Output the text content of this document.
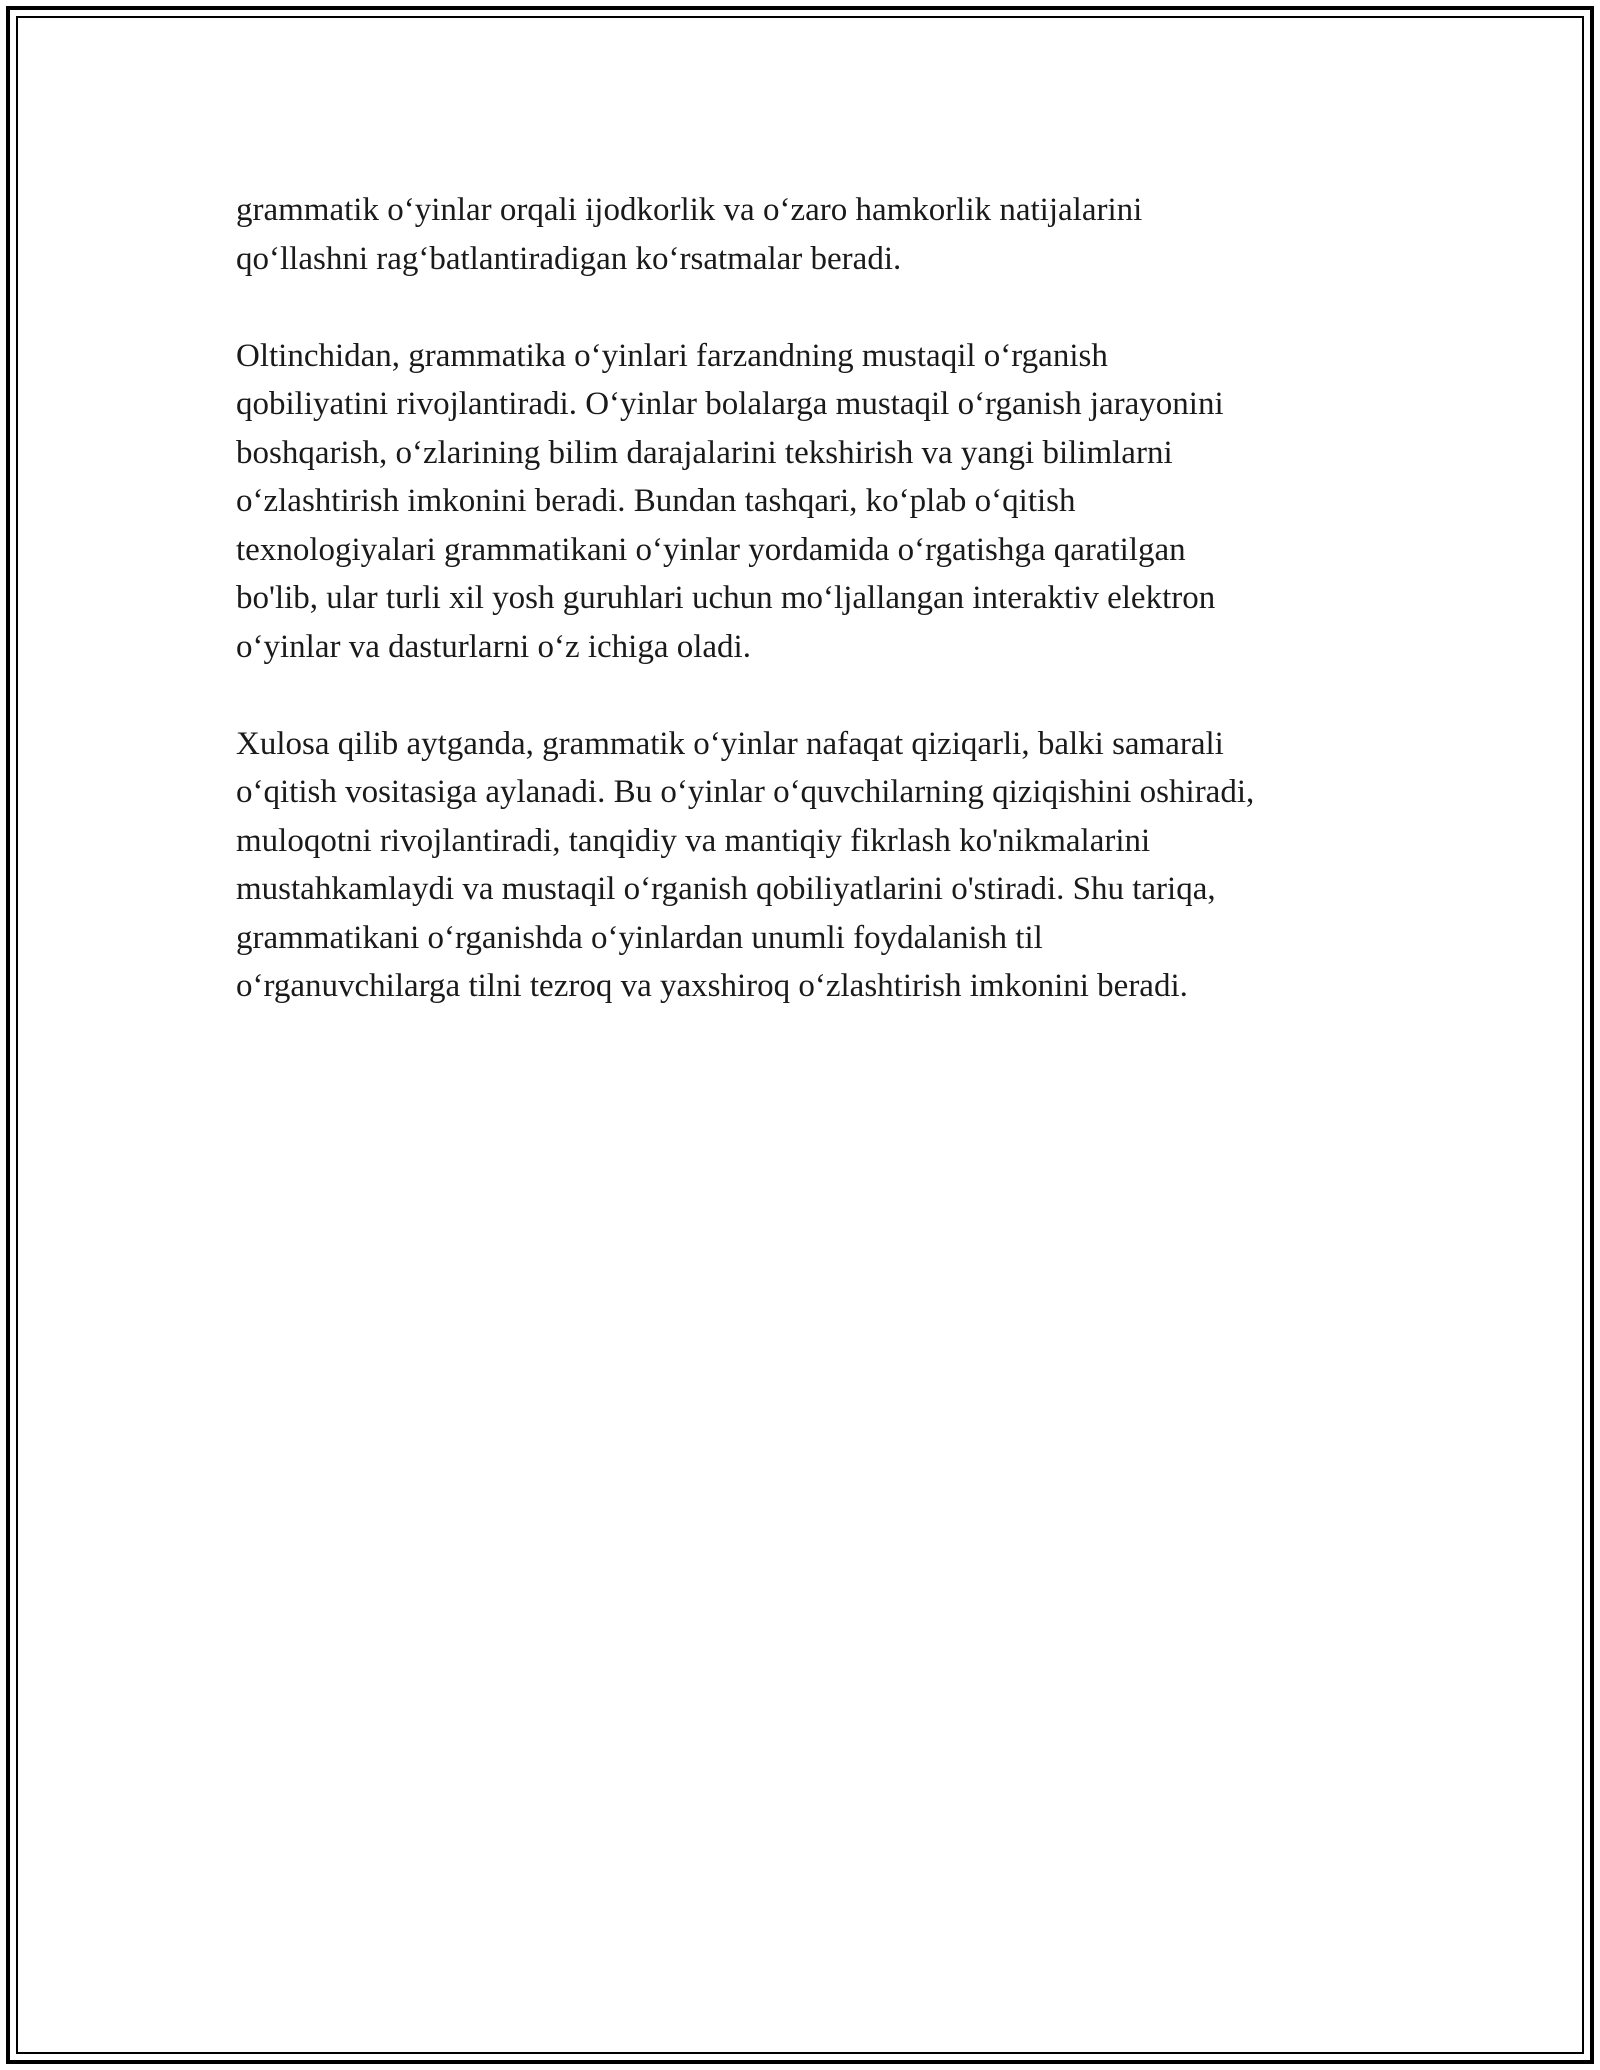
grammatik o‘yinlar orqali ijodkorlik va o‘zaro hamkorlik natijalarini
qo‘llashni rag‘batlantiradigan ko‘rsatmalar beradi.

Oltinchidan, grammatika o‘yinlari farzandning mustaqil o‘rganish
qobiliyatini rivojlantiradi. O‘yinlar bolalarga mustaqil o‘rganish jarayonini
boshqarish, o‘zlarining bilim darajalarini tekshirish va yangi bilimlarni
o‘zlashtirish imkonini beradi. Bundan tashqari, ko‘plab o‘qitish
texnologiyalari grammatikani o‘yinlar yordamida o‘rgatishga qaratilgan
bo'lib, ular turli xil yosh guruhlari uchun mo‘ljallangan interaktiv elektron
o‘yinlar va dasturlarni o‘z ichiga oladi.

Xulosa qilib aytganda, grammatik o‘yinlar nafaqat qiziqarli, balki samarali
o‘qitish vositasiga aylanadi. Bu o‘yinlar o‘quvchilarning qiziqishini oshiradi,
muloqotni rivojlantiradi, tanqidiy va mantiqiy fikrlash ko'nikmalarini
mustahkamlaydi va mustaqil o‘rganish qobiliyatlarini o'stiradi. Shu tariqa,
grammatikani o‘rganishda o‘yinlardan unumli foydalanish til
o‘rganuvchilarga tilni tezroq va yaxshiroq o‘zlashtirish imkonini beradi.
